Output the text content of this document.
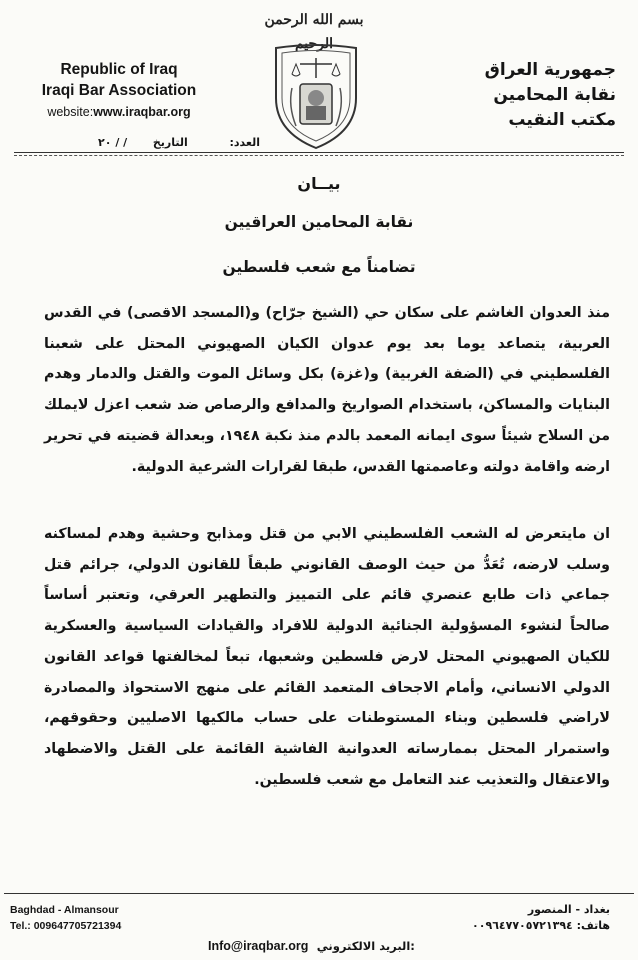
بسم الله الرحمن الرحيم
Republic of Iraq
Iraqi Bar Association
website:www.iraqbar.org
جمهورية العراق
نقابة المحامين
مكتب النقيب
العدد:  التاريخ  / / ٢٠
بيــان
نقابة المحامين العراقيين
تضامناً مع شعب فلسطين
منذ العدوان الغاشم على سكان حي (الشيخ جرّاح) و(المسجد الاقصى) في القدس العربية، يتصاعد يوما بعد يوم عدوان الكيان الصهيوني المحتل على شعبنا الفلسطيني في (الضفة الغربية) و(غزة) بكل وسائل الموت والقتل والدمار وهدم البنايات والمساكن، باستخدام الصواريخ والمدافع والرصاص ضد شعب اعزل لايملك من السلاح شيئاً سوى ايمانه المعمد بالدم منذ نكبة ١٩٤٨، وبعدالة قضيته في تحرير ارضه واقامة دولته وعاصمتها القدس، طبقا لقرارات الشرعية الدولية.
ان مايتعرض له الشعب الفلسطيني الابي من قتل ومذابح وحشية وهدم لمساكنه وسلب لارضه، تُعَدُّ من حيث الوصف القانوني طبقاً للقانون الدولي، جرائم قتل جماعي ذات طابع عنصري قائم على التمييز والتطهير العرقي، وتعتبر أساساً صالحاً لنشوء المسؤولية الجنائية الدولية للافراد والقيادات السياسية والعسكرية للكيان الصهيوني المحتل لارض فلسطين وشعبها، تبعاً لمخالفتها قواعد القانون الدولي الانساني، وأمام الاجحاف المتعمد القائم على منهج الاستحواذ والمصادرة لاراضي فلسطين وبناء المستوطنات على حساب مالكيها الاصليين وحقوقهم، واستمرار المحتل بممارساته العدوانية الفاشية القائمة على القتل والاضطهاد والاعتقال والتعذيب عند التعامل مع شعب فلسطين.
Baghdad - Almansour
Tel.: 009647705721394
بغداد - المنصور
هاتف: ٠٠٩٦٤٧٧٠٥٧٢١٣٩٤
Info@iraqbar.org البريد الالكتروني:
